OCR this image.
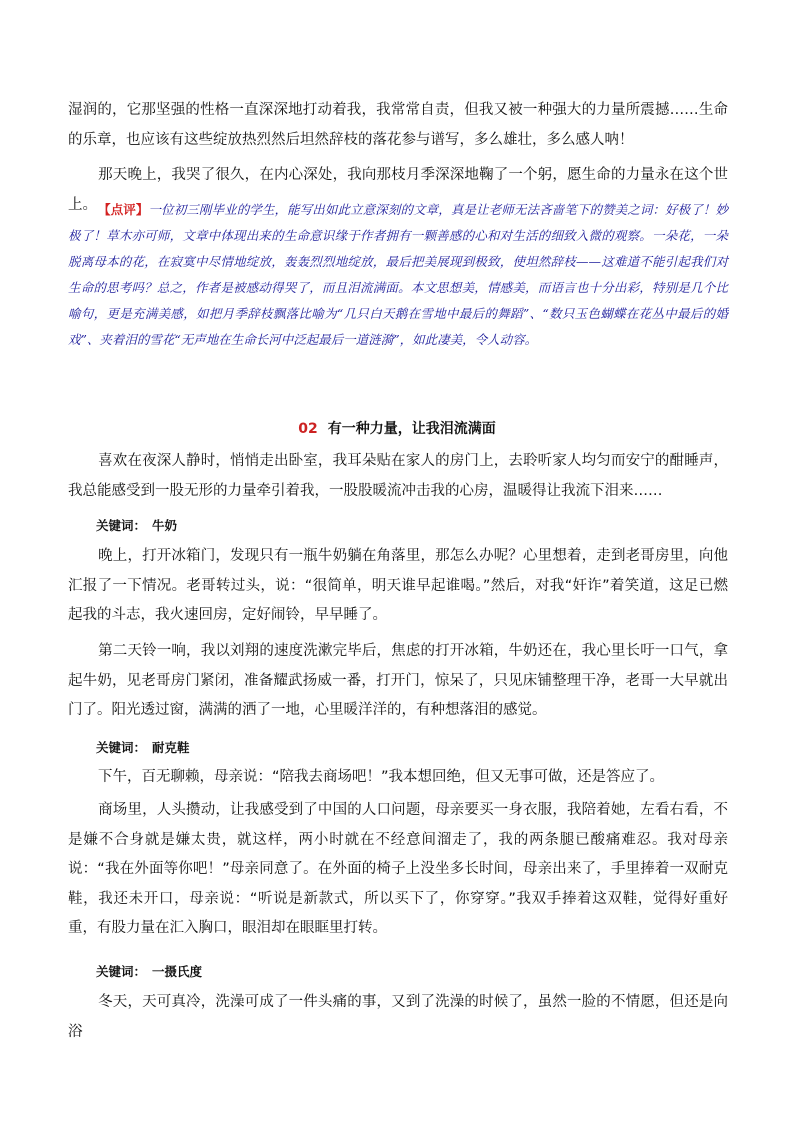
湿润的，它那坚强的性格一直深深地打动着我，我常常自责，但我又被一种强大的力量所震撼……生命的乐章，也应该有这些绽放热烈然后坦然辞枝的落花参与谱写，多么雄壮，多么感人呐！

那天晚上，我哭了很久，在内心深处，我向那枝月季深深地鞠了一个躬，愿生命的力量永在这个世上。 【点评】一位初三刚毕业的学生，能写出如此立意深刻的文章，真是让老师无法吝啬笔下的赞美之词：好极了！妙极了！草木亦可师，文章中体现出来的生命意识缘于作者拥有一颗善感的心和对生活的细致入微的观察。一朵花，一朵脱离母本的花，在寂寞中尽情地绽放，轰轰烈烈地绽放，最后把美展现到极致，使坦然辞枝——这难道不能引起我们对生命的思考吗？总之，作者是被感动得哭了，而且泪流满面。本文思想美，情感美，而语言也十分出彩，特别是几个比喻句，更是充满美感，如把月季辞枝飘落比喻为“几只白天鹅在雪地中最后的舞蹈”、“数只玉色蝴蝶在花丛中最后的婚戏”、夹着泪的雪花“无声地在生命长河中泛起最后一道涟漪”，如此凄美，令人动容。

02 有一种力量，让我泪流满面

喜欢在夜深人静时，悄悄走出卧室，我耳朵贴在家人的房门上，去聆听家人均匀而安宁的酣睡声，我总能感受到一股无形的力量牵引着我，一股股暖流冲击我的心房，温暖得让我流下泪来……

关键词： 牛奶

晚上，打开冰箱门，发现只有一瓶牛奶躺在角落里，那怎么办呢？心里想着，走到老哥房里，向他汇报了一下情况。老哥转过头，说：“很简单，明天谁早起谁喝。”然后，对我“奸诈”着笑道，这足已燃起我的斗志，我火速回房，定好闹铃，早早睡了。

第二天铃一响，我以刘翔的速度洗漱完毕后，焦虑的打开冰箱，牛奶还在，我心里长吁一口气，拿起牛奶，见老哥房门紧闭，准备耀武扬威一番，打开门，惊呆了，只见床铺整理干净，老哥一大早就出门了。阳光透过窗，满满的洒了一地，心里暖洋洋的，有种想落泪的感觉。

关键词： 耐克鞋

下午，百无聊赖，母亲说：“陪我去商场吧！”我本想回绝，但又无事可做，还是答应了。

商场里，人头攒动，让我感受到了中国的人口问题，母亲要买一身衣服，我陪着她，左看右看，不是嫌不合身就是嫌太贵，就这样，两小时就在不经意间溜走了，我的两条腿已酸痛难忍。我对母亲说：“我在外面等你吧！”母亲同意了。在外面的椅子上没坐多长时间，母亲出来了，手里捧着一双耐克鞋，我还未开口，母亲说：“听说是新款式，所以买下了，你穿穿。”我双手捧着这双鞋，觉得好重好重，有股力量在汇入胸口，眼泪却在眼眶里打转。

关键词： 一摄氏度

冬天，天可真冷，洗澡可成了一件头痛的事，又到了洗澡的时候了，虽然一脸的不情愿，但还是向浴
